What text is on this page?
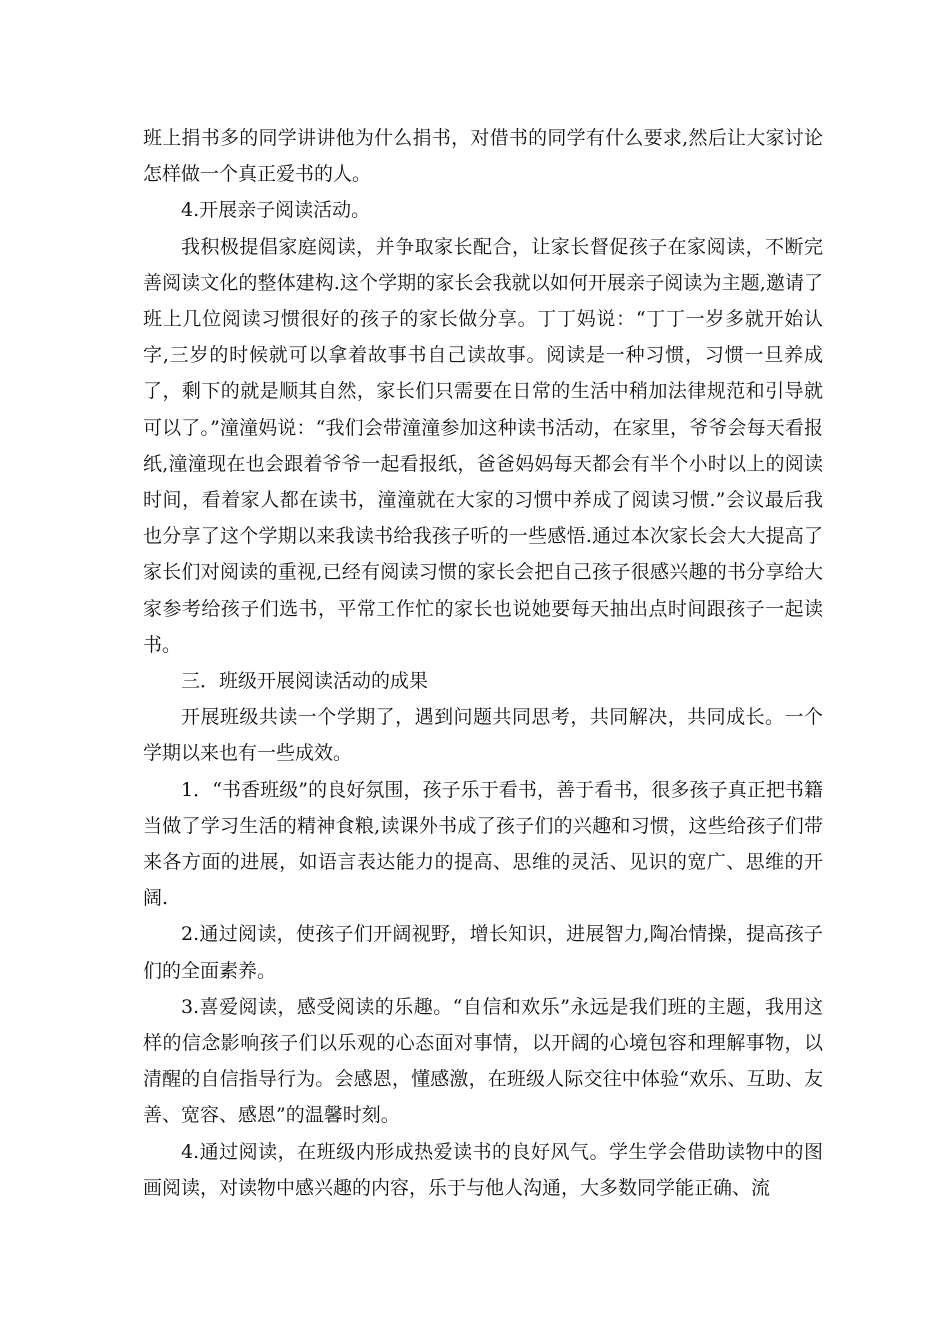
班上捐书多的同学讲讲他为什么捐书，对借书的同学有什么要求,然后让大家讨论怎样做一个真正爱书的人。

4.开展亲子阅读活动。

我积极提倡家庭阅读，并争取家长配合，让家长督促孩子在家阅读，不断完善阅读文化的整体建构.这个学期的家长会我就以如何开展亲子阅读为主题,邀请了班上几位阅读习惯很好的孩子的家长做分享。丁丁妈说：“丁丁一岁多就开始认字,三岁的时候就可以拿着故事书自己读故事。阅读是一种习惯，习惯一旦养成了，剩下的就是顺其自然，家长们只需要在日常的生活中稍加法律规范和引导就可以了。”潼潼妈说：“我们会带潼潼参加这种读书活动，在家里，爷爷会每天看报纸,潼潼现在也会跟着爷爷一起看报纸，爸爸妈妈每天都会有半个小时以上的阅读时间，看着家人都在读书，潼潼就在大家的习惯中养成了阅读习惯.”会议最后我也分享了这个学期以来我读书给我孩子听的一些感悟.通过本次家长会大大提高了家长们对阅读的重视,已经有阅读习惯的家长会把自己孩子很感兴趣的书分享给大家参考给孩子们选书，平常工作忙的家长也说她要每天抽出点时间跟孩子一起读书。

三．班级开展阅读活动的成果

开展班级共读一个学期了，遇到问题共同思考，共同解决，共同成长。一个学期以来也有一些成效。

1．“书香班级”的良好氛围，孩子乐于看书，善于看书，很多孩子真正把书籍当做了学习生活的精神食粮,读课外书成了孩子们的兴趣和习惯，这些给孩子们带来各方面的进展，如语言表达能力的提高、思维的灵活、见识的宽广、思维的开阔.

2.通过阅读，使孩子们开阔视野，增长知识，进展智力,陶冶情操，提高孩子们的全面素养。

3.喜爱阅读，感受阅读的乐趣。“自信和欢乐”永远是我们班的主题，我用这样的信念影响孩子们以乐观的心态面对事情，以开阔的心境包容和理解事物，以清醒的自信指导行为。会感恩，懂感激，在班级人际交往中体验“欢乐、互助、友善、宽容、感恩”的温馨时刻。

4.通过阅读，在班级内形成热爱读书的良好风气。学生学会借助读物中的图画阅读，对读物中感兴趣的内容，乐于与他人沟通，大多数同学能正确、流
